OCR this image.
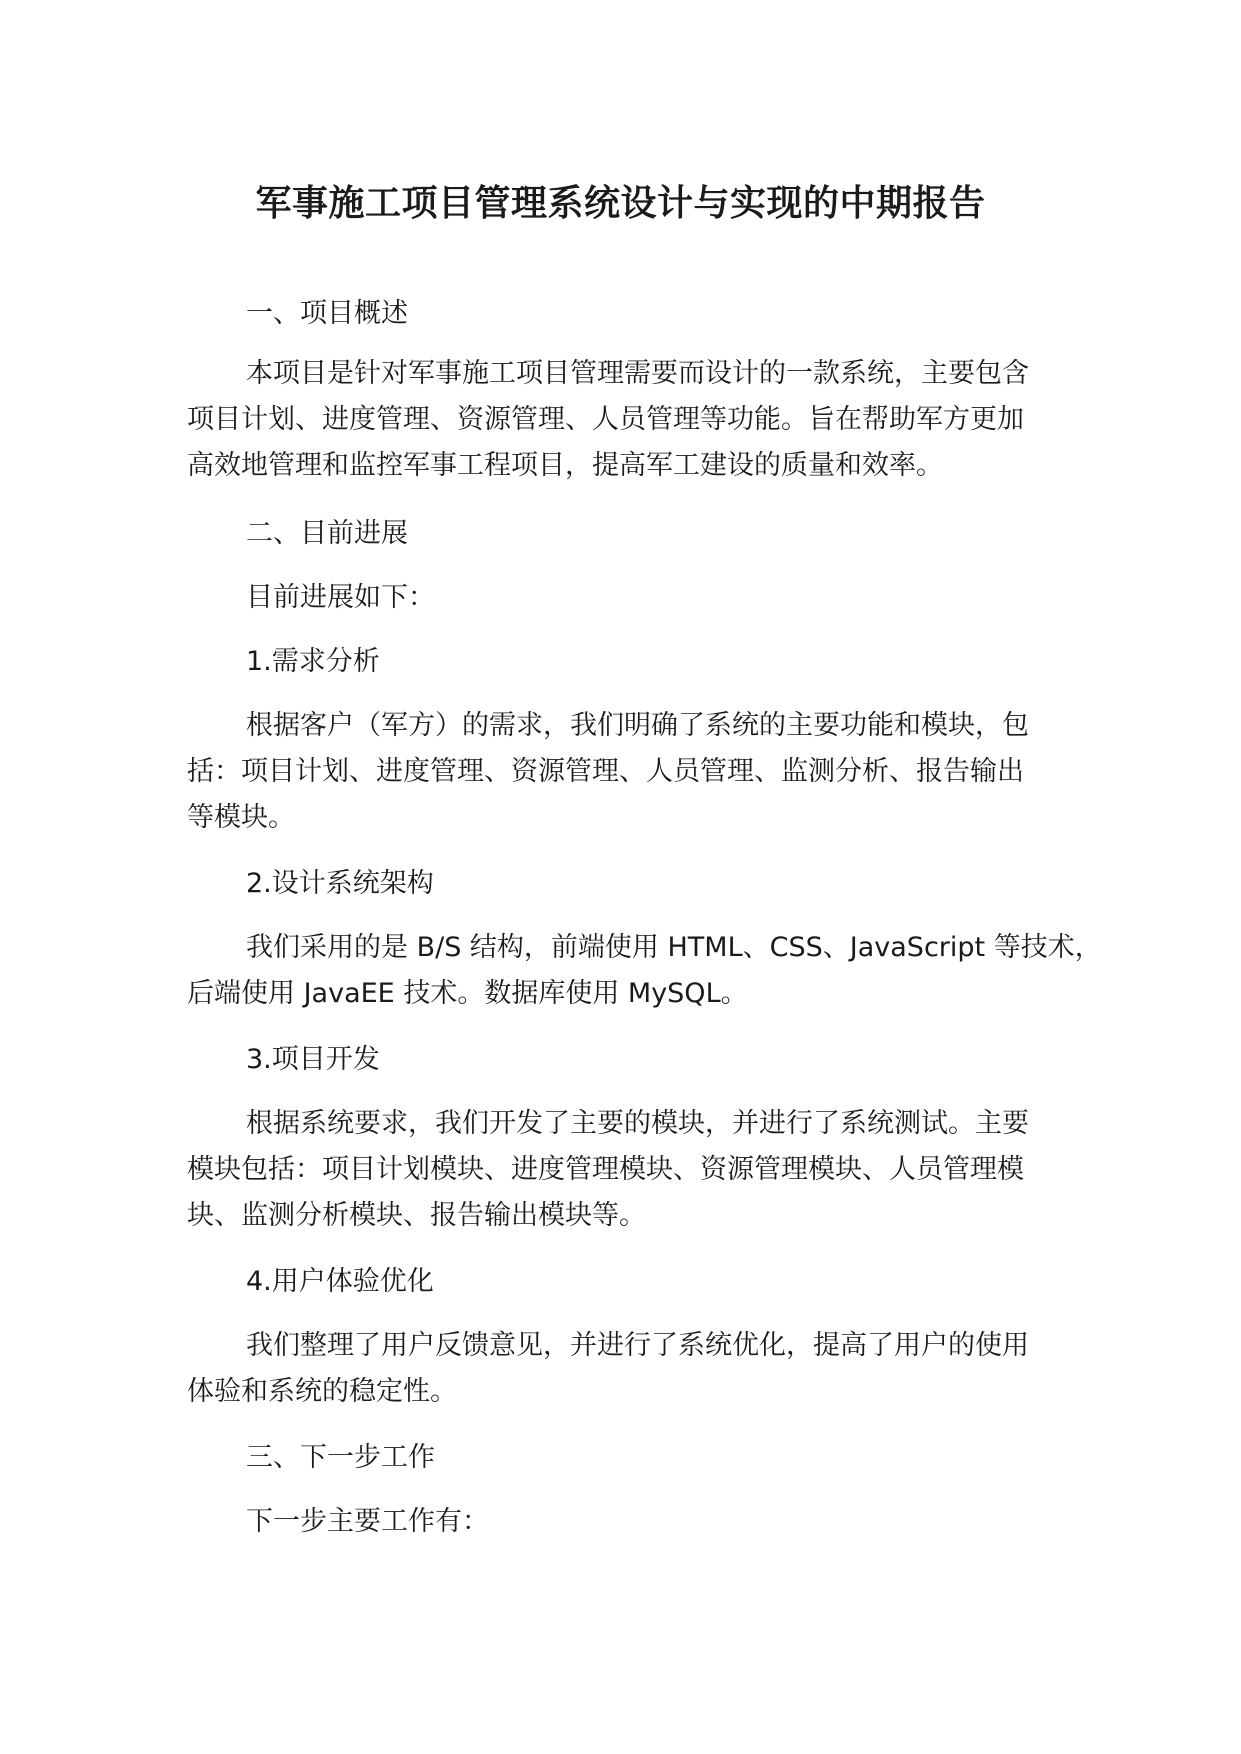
军事施工项目管理系统设计与实现的中期报告
一、项目概述
本项目是针对军事施工项目管理需要而设计的一款系统，主要包含
项目计划、进度管理、资源管理、人员管理等功能。旨在帮助军方更加
高效地管理和监控军事工程项目，提高军工建设的质量和效率。
二、目前进展
目前进展如下：
1.需求分析
根据客户（军方）的需求，我们明确了系统的主要功能和模块，包
括：项目计划、进度管理、资源管理、人员管理、监测分析、报告输出
等模块。
2.设计系统架构
我们采用的是 B/S 结构，前端使用 HTML、CSS、JavaScript 等技术，
后端使用 JavaEE 技术。数据库使用 MySQL。
3.项目开发
根据系统要求，我们开发了主要的模块，并进行了系统测试。主要
模块包括：项目计划模块、进度管理模块、资源管理模块、人员管理模
块、监测分析模块、报告输出模块等。
4.用户体验优化
我们整理了用户反馈意见，并进行了系统优化，提高了用户的使用
体验和系统的稳定性。
三、下一步工作
下一步主要工作有：
